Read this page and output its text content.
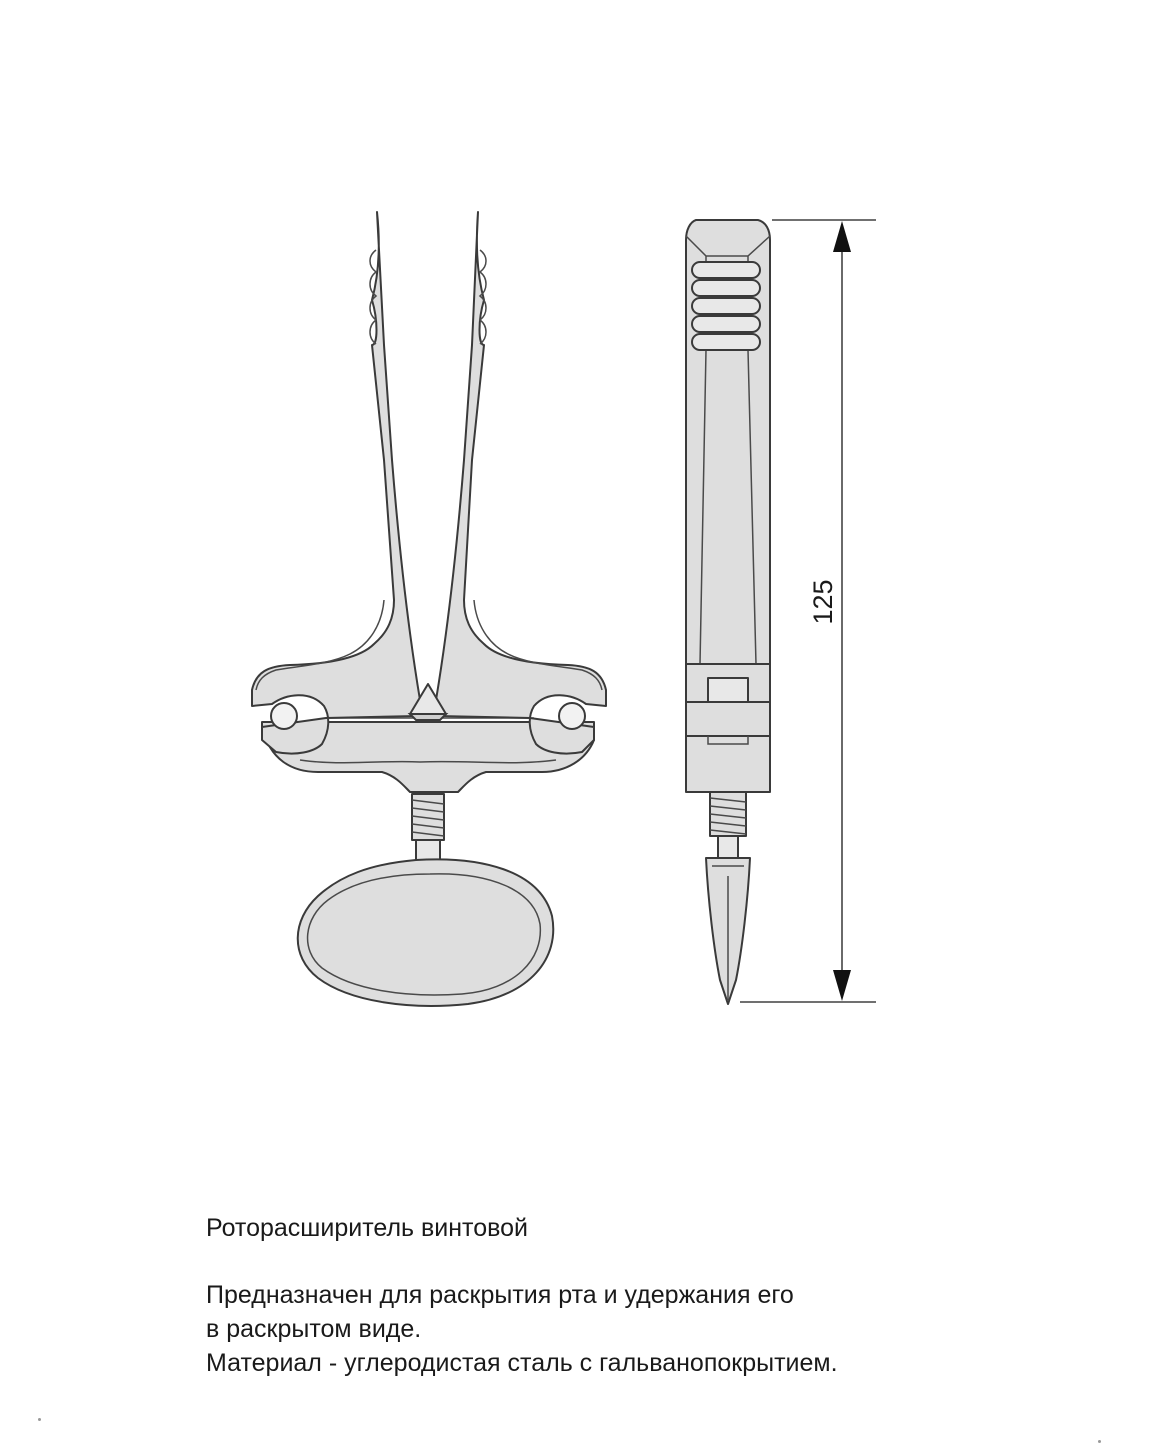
125
Роторасширитель винтовой
Предназначен для раскрытия рта и удержания его
в раскрытом виде.
Материал - углеродистая сталь с гальванопокрытием.
